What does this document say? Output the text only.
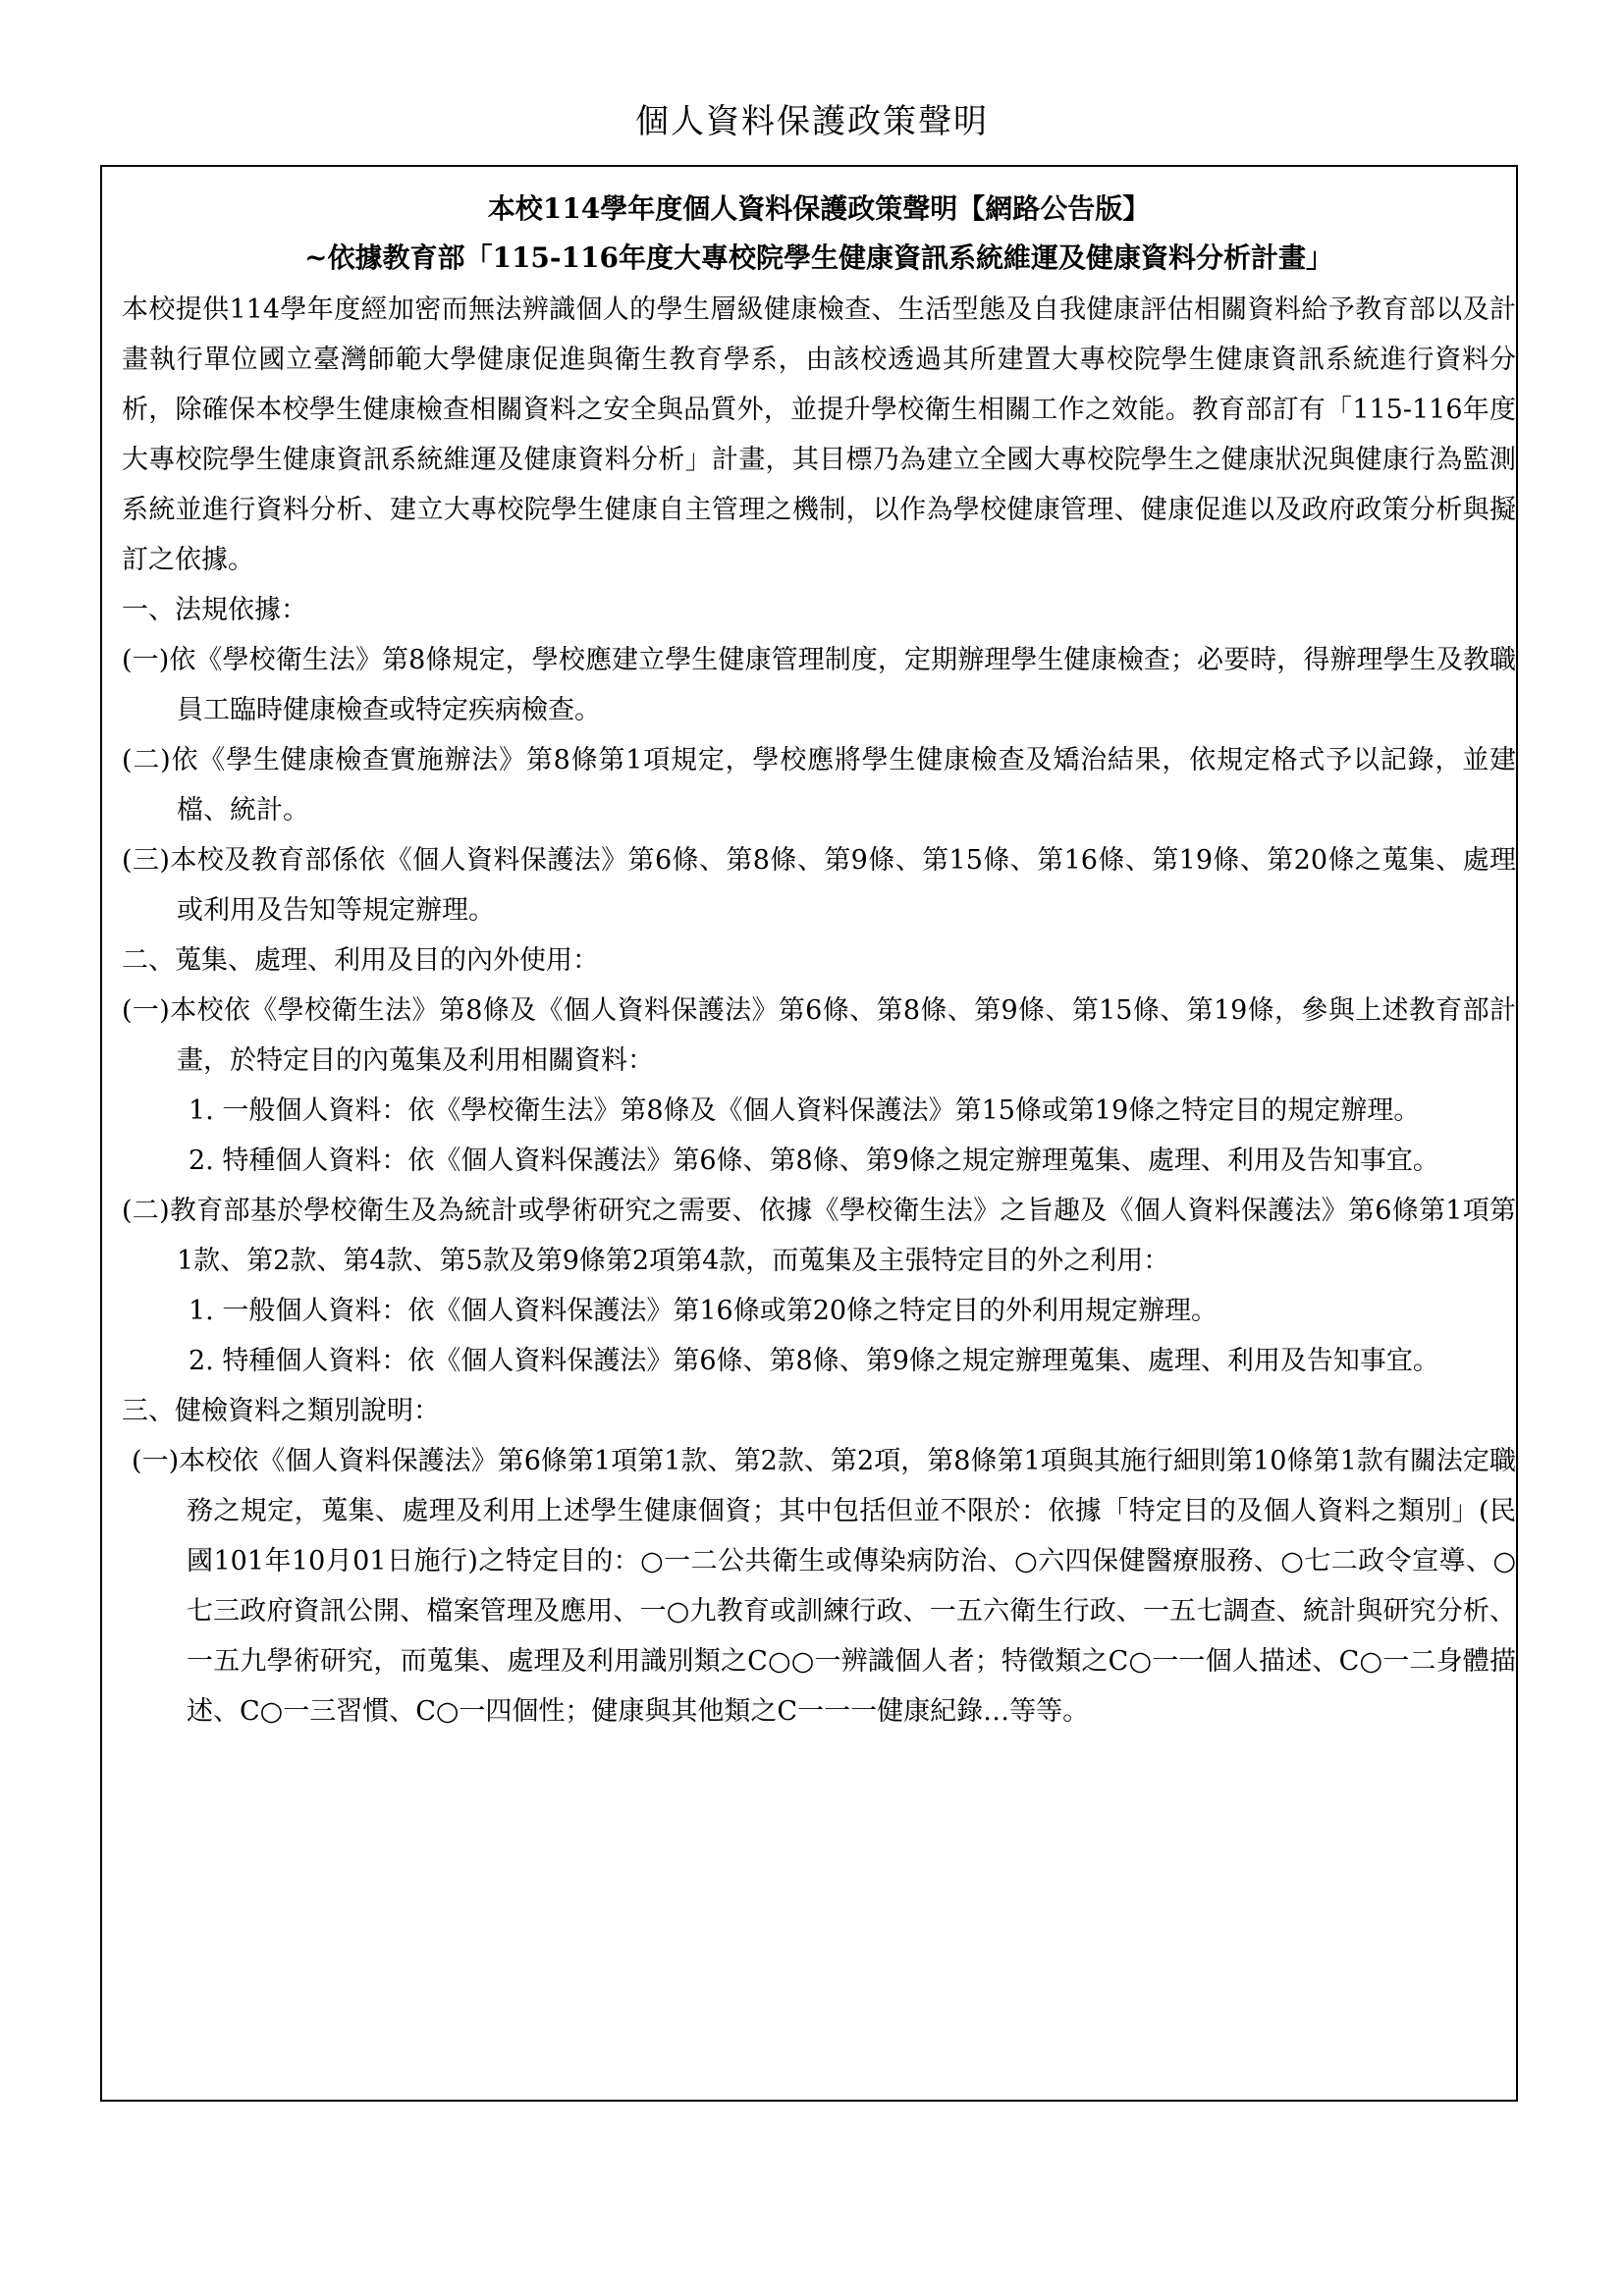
個人資料保護政策聲明
本校114學年度個人資料保護政策聲明【網路公告版】
~依據教育部「115-116年度大專校院學生健康資訊系統維運及健康資料分析計畫」
本校提供114學年度經加密而無法辨識個人的學生層級健康檢查、生活型態及自我健康評估相關資料給予教育部以及計畫執行單位國立臺灣師範大學健康促進與衛生教育學系，由該校透過其所建置大專校院學生健康資訊系統進行資料分析，除確保本校學生健康檢查相關資料之安全與品質外，並提升學校衛生相關工作之效能。教育部訂有「115-116年度大專校院學生健康資訊系統維運及健康資料分析」計畫，其目標乃為建立全國大專校院學生之健康狀況與健康行為監測系統並進行資料分析、建立大專校院學生健康自主管理之機制，以作為學校健康管理、健康促進以及政府政策分析與擬訂之依據。
一、法規依據：
(一)依《學校衛生法》第8條規定，學校應建立學生健康管理制度，定期辦理學生健康檢查；必要時，得辦理學生及教職員工臨時健康檢查或特定疾病檢查。
(二)依《學生健康檢查實施辦法》第8條第1項規定，學校應將學生健康檢查及矯治結果，依規定格式予以記錄，並建檔、統計。
(三)本校及教育部係依《個人資料保護法》第6條、第8條、第9條、第15條、第16條、第19條、第20條之蒐集、處理或利用及告知等規定辦理。
二、蒐集、處理、利用及目的內外使用：
(一)本校依《學校衛生法》第8條及《個人資料保護法》第6條、第8條、第9條、第15條、第19條，參與上述教育部計畫，於特定目的內蒐集及利用相關資料：
1. 一般個人資料：依《學校衛生法》第8條及《個人資料保護法》第15條或第19條之特定目的規定辦理。
2. 特種個人資料：依《個人資料保護法》第6條、第8條、第9條之規定辦理蒐集、處理、利用及告知事宜。
(二)教育部基於學校衛生及為統計或學術研究之需要、依據《學校衛生法》之旨趣及《個人資料保護法》第6條第1項第1款、第2款、第4款、第5款及第9條第2項第4款，而蒐集及主張特定目的外之利用：
1. 一般個人資料：依《個人資料保護法》第16條或第20條之特定目的外利用規定辦理。
2. 特種個人資料：依《個人資料保護法》第6條、第8條、第9條之規定辦理蒐集、處理、利用及告知事宜。
三、健檢資料之類別說明：
(一)本校依《個人資料保護法》第6條第1項第1款、第2款、第2項，第8條第1項與其施行細則第10條第1款有關法定職務之規定，蒐集、處理及利用上述學生健康個資；其中包括但並不限於：依據「特定目的及個人資料之類別」(民國101年10月01日施行)之特定目的：○一二公共衛生或傳染病防治、○六四保健醫療服務、○七二政令宣導、○七三政府資訊公開、檔案管理及應用、一○九教育或訓練行政、一五六衛生行政、一五七調查、統計與研究分析、一五九學術研究，而蒐集、處理及利用識別類之C○○一辨識個人者；特徵類之C○一一個人描述、C○一二身體描述、C○一三習慣、C○一四個性；健康與其他類之C一一一健康紀錄…等等。
